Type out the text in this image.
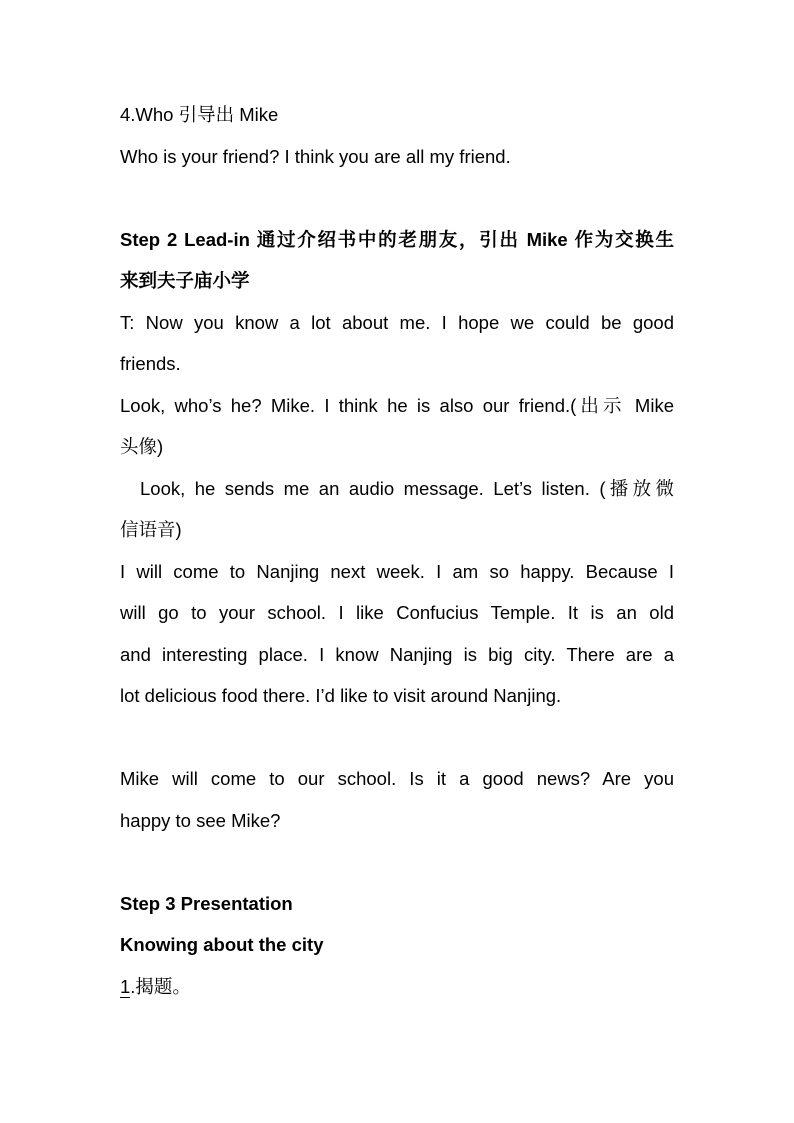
4.Who 引导出 Mike

Who is your friend? I think you are all my friend.

Step 2 Lead-in 通过介绍书中的老朋友，引出 Mike 作为交换生

来到夫子庙小学

T: Now you know a lot about me. I hope we could be good

friends.

Look, who’s he? Mike. I think he is also our friend.(出示 Mike

头像)

Look, he sends me an audio message. Let’s listen. (播放微

信语音)

I will come to Nanjing next week. I am so happy. Because I

will go to your school. I like Confucius Temple. It is an old

and interesting place. I know Nanjing is big city. There are a

lot delicious food there. I’d like to visit around Nanjing.

Mike will come to our school. Is it a good news? Are you

happy to see Mike?

Step 3 Presentation

Knowing about the city

1.揭题。
